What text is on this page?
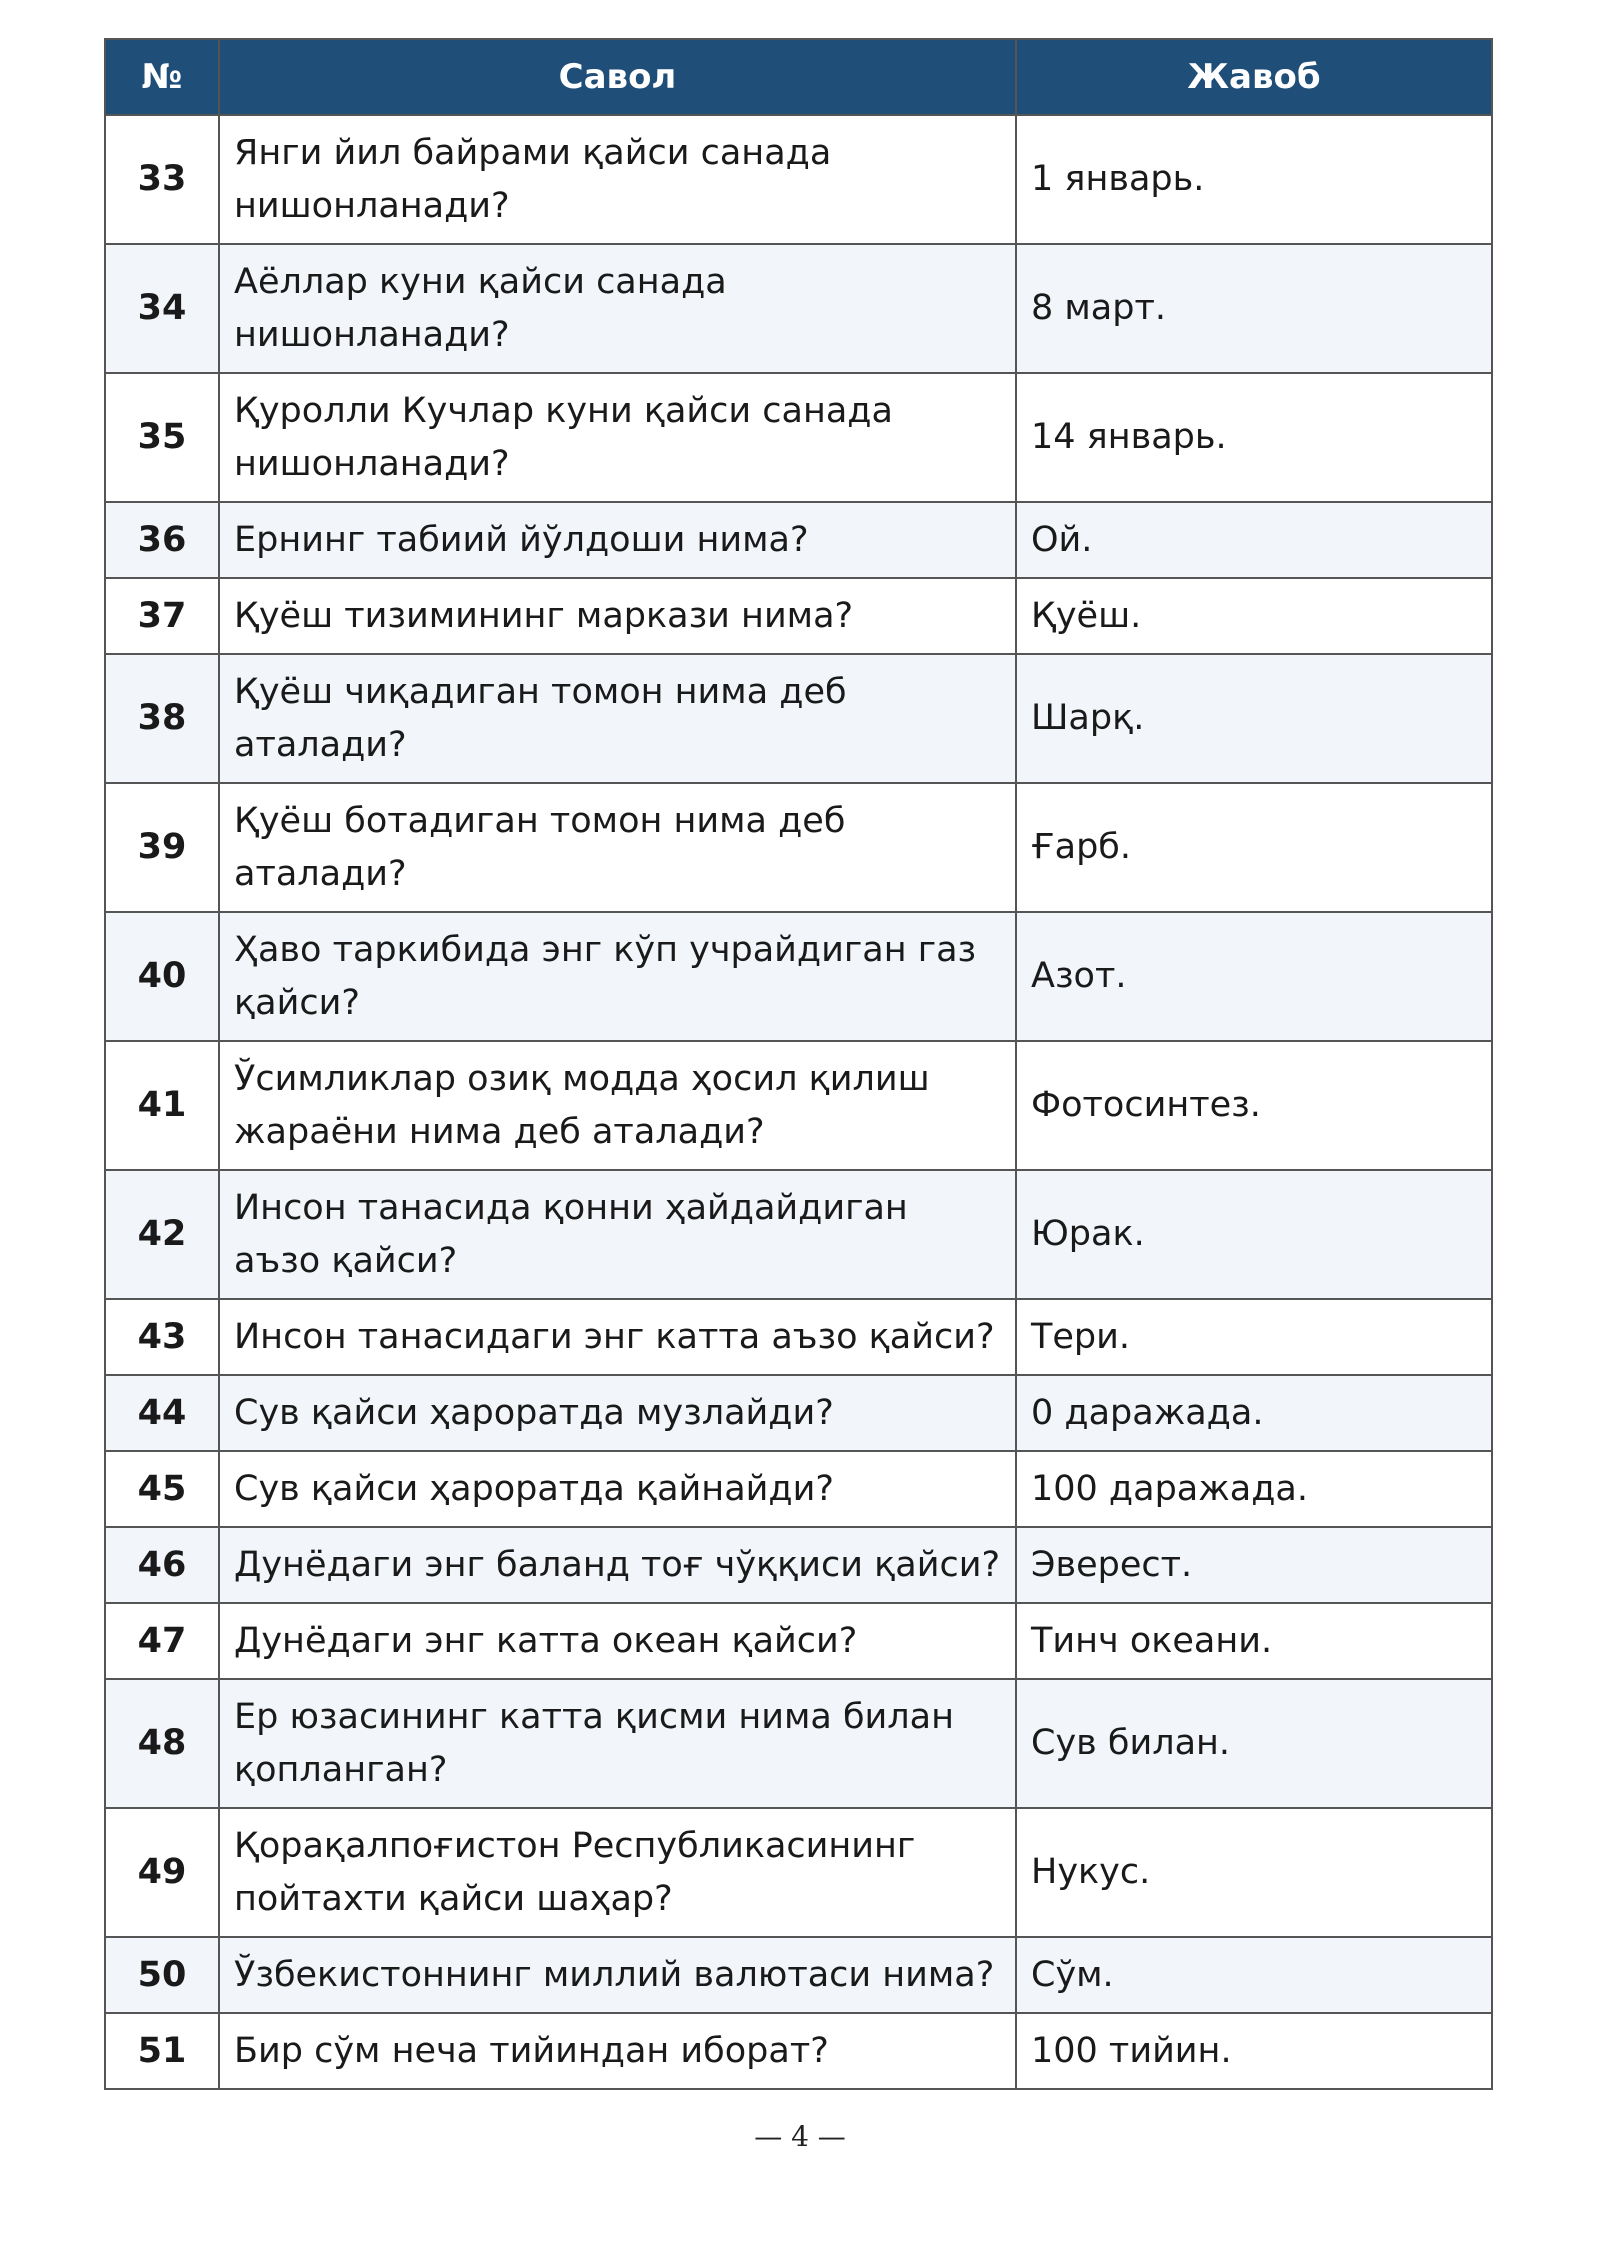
№	Савол	Жавоб
33	Янги йил байрами қайси санада нишонланади?	1 январь.
34	Аёллар куни қайси санада нишонланади?	8 март.
35	Қуролли Кучлар куни қайси санада нишонланади?	14 январь.
36	Ернинг табиий йўлдоши нима?	Ой.
37	Қуёш тизимининг маркази нима?	Қуёш.
38	Қуёш чиқадиган томон нима деб аталади?	Шарқ.
39	Қуёш ботадиган томон нима деб аталади?	Ғарб.
40	Ҳаво таркибида энг кўп учрайдиган газ қайси?	Азот.
41	Ўсимликлар озиқ модда ҳосил қилиш жараёни нима деб аталади?	Фотосинтез.
42	Инсон танасида қонни ҳайдайдиган аъзо қайси?	Юрак.
43	Инсон танасидаги энг катта аъзо қайси?	Тери.
44	Сув қайси ҳароратда музлайди?	0 даражада.
45	Сув қайси ҳароратда қайнайди?	100 даражада.
46	Дунёдаги энг баланд тоғ чўққиси қайси?	Эверест.
47	Дунёдаги энг катта океан қайси?	Тинч океани.
48	Ер юзасининг катта қисми нима билан қопланган?	Сув билан.
49	Қорақалпоғистон Республикасининг пойтахти қайси шаҳар?	Нукус.
50	Ўзбекистоннинг миллий валютаси нима?	Сўм.
51	Бир сўм неча тийиндан иборат?	100 тийин.
— 4 —
